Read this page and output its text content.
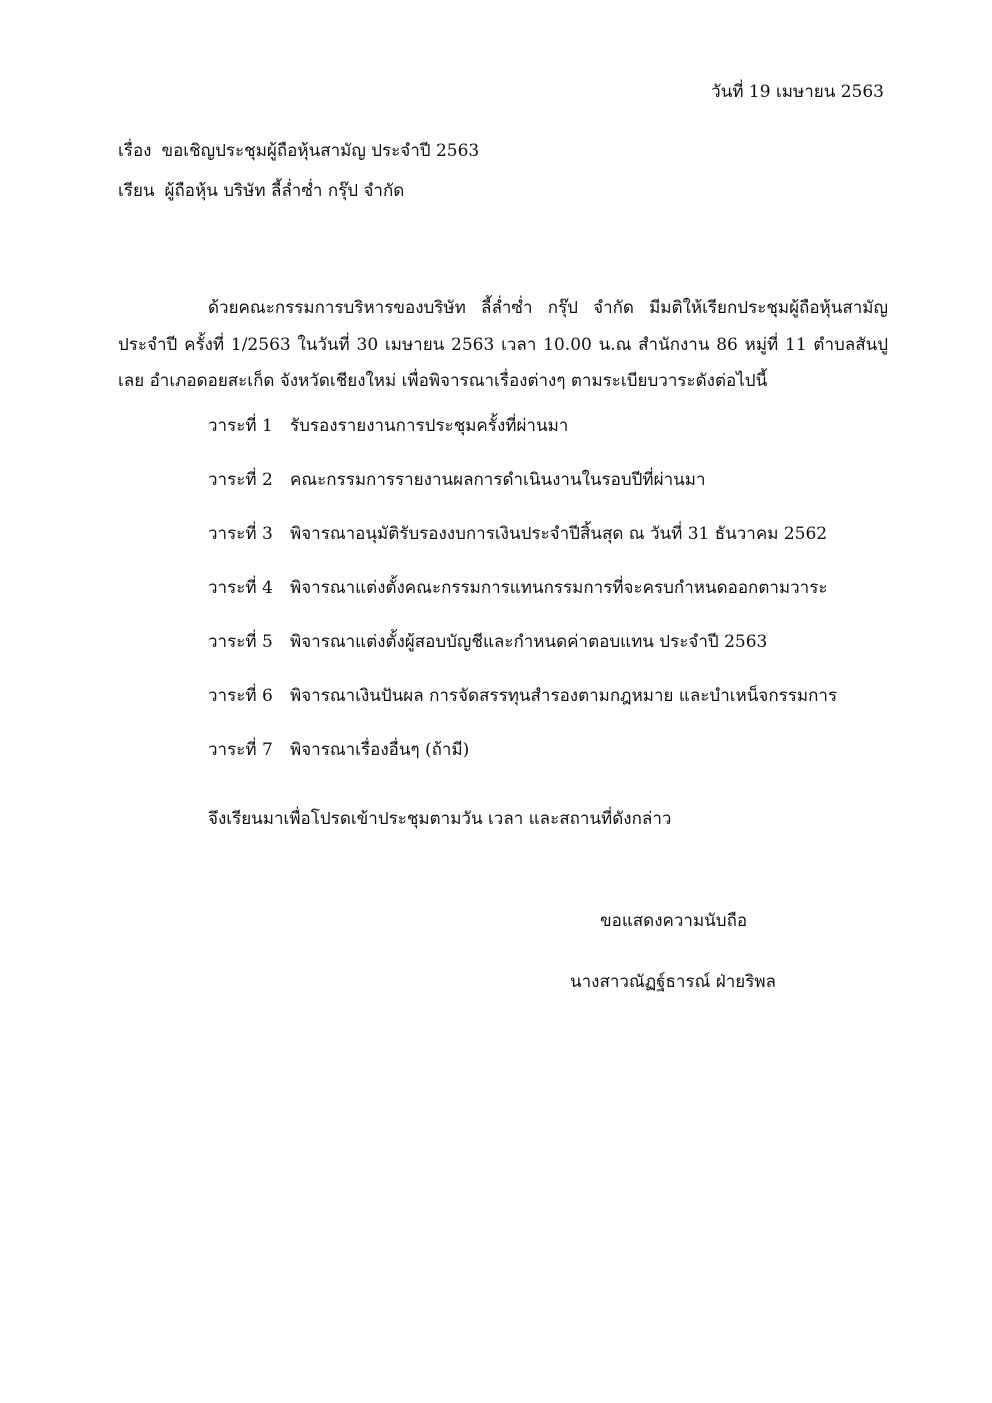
วันที่ 19 เมษายน 2563
เรื่อง ขอเชิญประชุมผู้ถือหุ้นสามัญ ประจำปี 2563
เรียน ผู้ถือหุ้น บริษัท ลี้ล่ำซ่ำ กรุ๊ป จำกัด
ด้วยคณะกรรมการบริหารของบริษัท ลี้ล่ำซ่ำ กรุ๊ป จำกัด มีมติให้เรียกประชุมผู้ถือหุ้นสามัญ ประจำปี ครั้งที่ 1/2563 ในวันที่ 30 เมษายน 2563 เวลา 10.00 น.ณ สำนักงาน 86 หมู่ที่ 11 ตำบลสันปูเลย อำเภอดอยสะเก็ด จังหวัดเชียงใหม่ เพื่อพิจารณาเรื่องต่างๆ ตามระเบียบวาระดังต่อไปนี้
วาระที่ 1	รับรองรายงานการประชุมครั้งที่ผ่านมา
วาระที่ 2	คณะกรรมการรายงานผลการดำเนินงานในรอบปีที่ผ่านมา
วาระที่ 3	พิจารณาอนุมัติรับรองงบการเงินประจำปีสิ้นสุด ณ วันที่ 31 ธันวาคม 2562
วาระที่ 4	พิจารณาแต่งตั้งคณะกรรมการแทนกรรมการที่จะครบกำหนดออกตามวาระ
วาระที่ 5	พิจารณาแต่งตั้งผู้สอบบัญชีและกำหนดค่าตอบแทน ประจำปี 2563
วาระที่ 6	พิจารณาเงินปันผล การจัดสรรทุนสำรองตามกฎหมาย และบำเหน็จกรรมการ
วาระที่ 7	พิจารณาเรื่องอื่นๆ (ถ้ามี)
จึงเรียนมาเพื่อโปรดเข้าประชุมตามวัน เวลา และสถานที่ดังกล่าว
ขอแสดงความนับถือ
นางสาวณัฏฐ์ธารณ์ ฝ่ายริพล
